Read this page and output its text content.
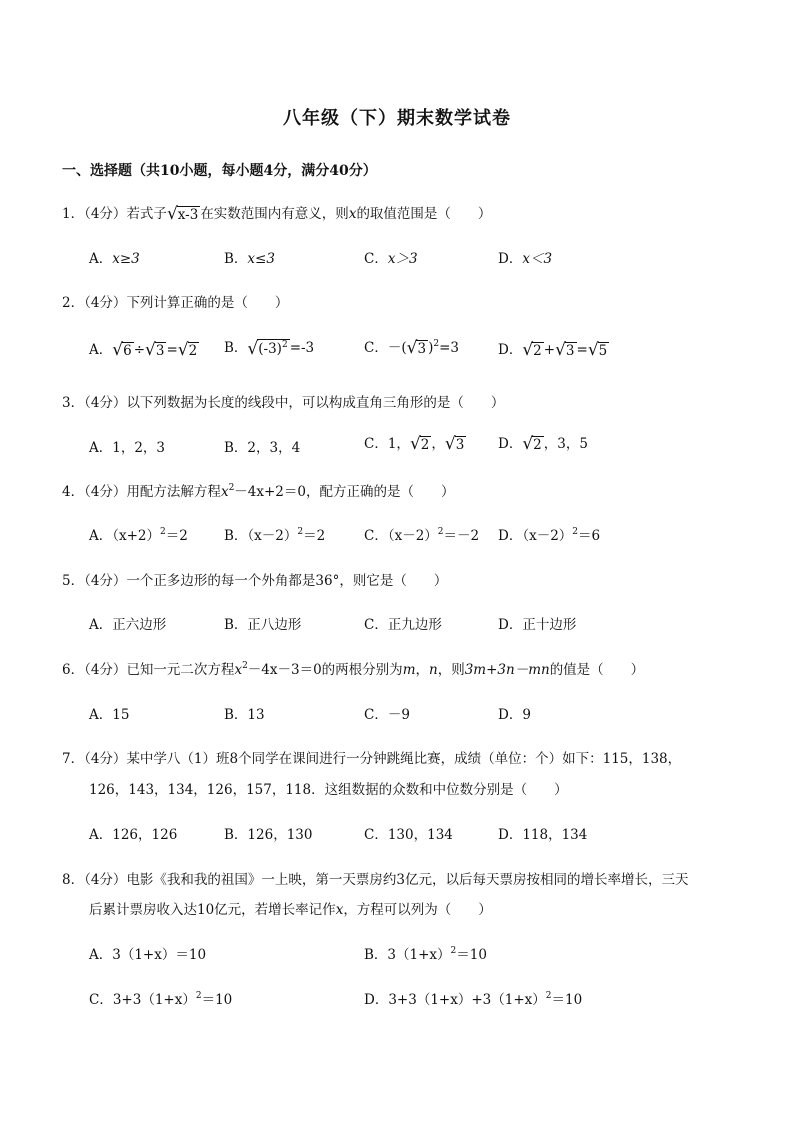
八年级（下）期末数学试卷
一、选择题（共10小题，每小题4分，满分40分）
1．（4分）若式子 √ x-3 在实数范围内有意义，则x的取值范围是（　　）
A．x≥3	B．x≤3	C．x＞3	D．x＜3
2．（4分）下列计算正确的是（　　）
A． √ 6 ÷ √ 3 = √ 2 B． √ $(-3)^2 =-3$	C．－( √ 3 )$^2$=3	D． √ 2 + √ 3 = √ 5
3．（4分）以下列数据为长度的线段中，可以构成直角三角形的是（　　）
A．1，2，3	B．2，3，4	C．1， √ 2 ， √ 3 D． √ 2 ，3，5
4．（4分）用配方法解方程$x^2-4x+2=0$，配方正确的是（　　）
A．$(x+2)^2=2$	B．$(x-2)^2=2$	C．$(x-2)^2=-2$ D．$(x-2)^2=6$
5．（4分）一个正多边形的每一个外角都是36°，则它是（　　）
A．正六边形	B．正八边形	C．正九边形	D．正十边形
6．（4分）已知一元二次方程$x^2-4x-3=0$的两根分别为m，n，则3m+3n－mn的值是（　　）
A．15	B．13	C．－9	D．9
7．（4分）某中学八（1）班8个同学在课间进行一分钟跳绳比赛，成绩（单位：个）如下：115，138，
126，143，134，126，157，118．这组数据的众数和中位数分别是（　　）
A．126，126	B．126，130	C．130，134	D．118，134
8．（4分）电影《我和我的祖国》一上映，第一天票房约3亿元，以后每天票房按相同的增长率增长，三天
后累计票房收入达10亿元，若增长率记作x，方程可以列为（　　）
A．3（1+x）＝10	B．$3(1+x)^2=10$
C．$3+3(1+x)^2=10$	D．$3+3(1+x)+3(1+x)^2=10$
